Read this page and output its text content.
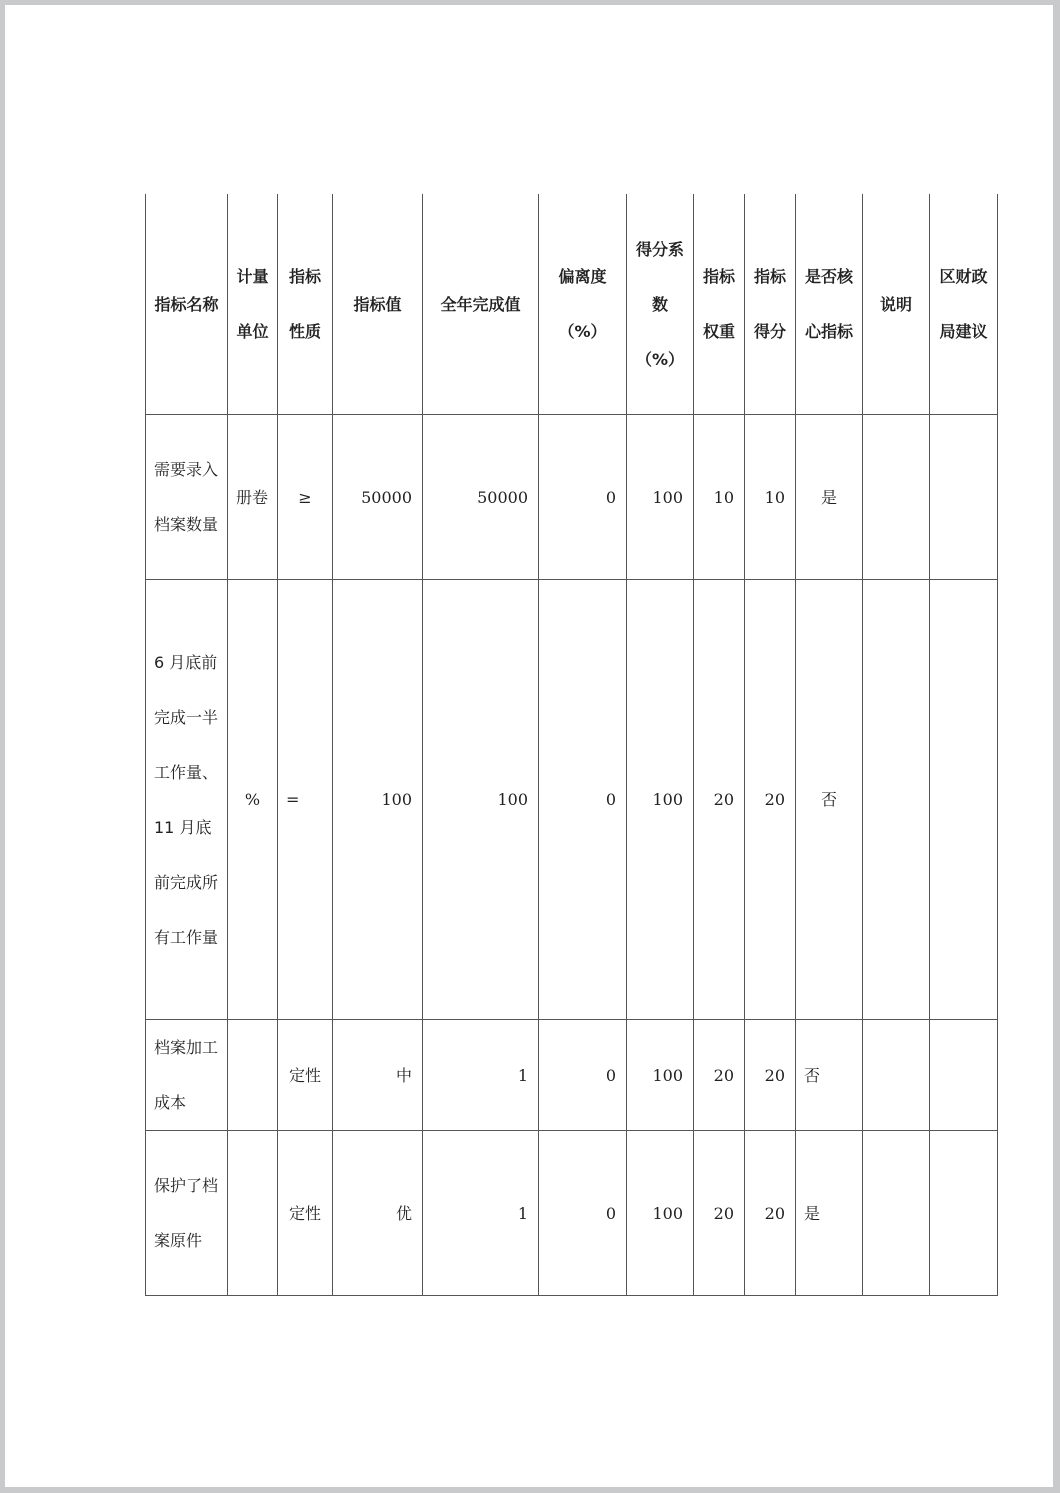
指标名称	计量单位	指标性质	指标值	全年完成值	偏离度（%）	得分系数（%）	指标权重	指标得分	是否核心指标	说明	区财政局建议
需要录入档案数量	册卷	≥	50000	50000	0	100	10	10	是		
6 月底前完成一半工作量、11 月底前完成所有工作量	%	=	100	100	0	100	20	20	否		
档案加工成本		定性	中	1	0	100	20	20	否		
保护了档案原件		定性	优	1	0	100	20	20	是		
